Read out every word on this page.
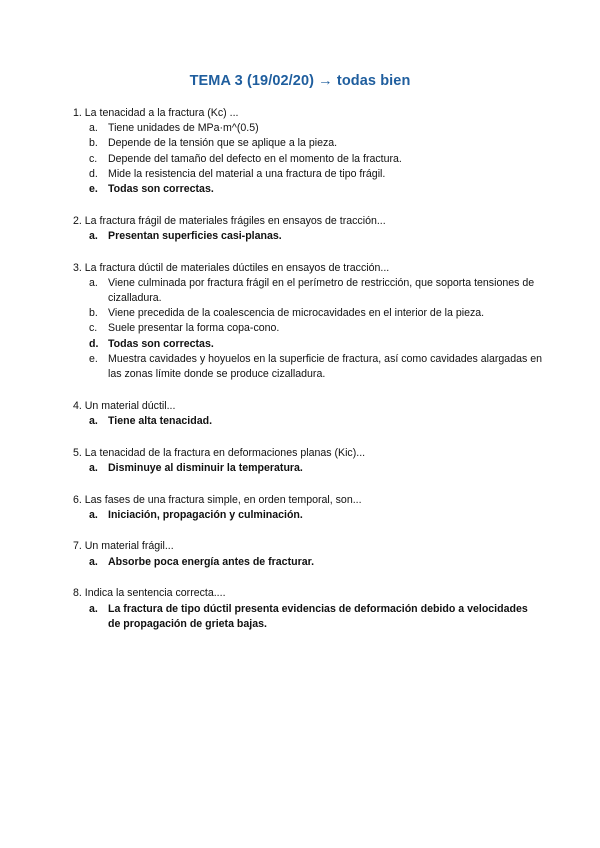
TEMA 3 (19/02/20) → todas bien
1. La tenacidad a la fractura (Kc) ...
a. Tiene unidades de MPa·m^(0.5)
b. Depende de la tensión que se aplique a la pieza.
c. Depende del tamaño del defecto en el momento de la fractura.
d. Mide la resistencia del material a una fractura de tipo frágil.
e. Todas son correctas.
2. La fractura frágil de materiales frágiles en ensayos de tracción...
a. Presentan superficies casi-planas.
3. La fractura dúctil de materiales dúctiles en ensayos de tracción...
a. Viene culminada por fractura frágil en el perímetro de restricción, que soporta tensiones de cizalladura.
b. Viene precedida de la coalescencia de microcavidades en el interior de la pieza.
c. Suele presentar la forma copa-cono.
d. Todas son correctas.
e. Muestra cavidades y hoyuelos en la superficie de fractura, así como cavidades alargadas en las zonas límite donde se produce cizalladura.
4. Un material dúctil...
a. Tiene alta tenacidad.
5. La tenacidad de la fractura en deformaciones planas (Kic)...
a. Disminuye al disminuir la temperatura.
6. Las fases de una fractura simple, en orden temporal, son...
a. Iniciación, propagación y culminación.
7. Un material frágil...
a. Absorbe poca energía antes de fracturar.
8. Indica la sentencia correcta....
a. La fractura de tipo dúctil presenta evidencias de deformación debido a velocidades de propagación de grieta bajas.
